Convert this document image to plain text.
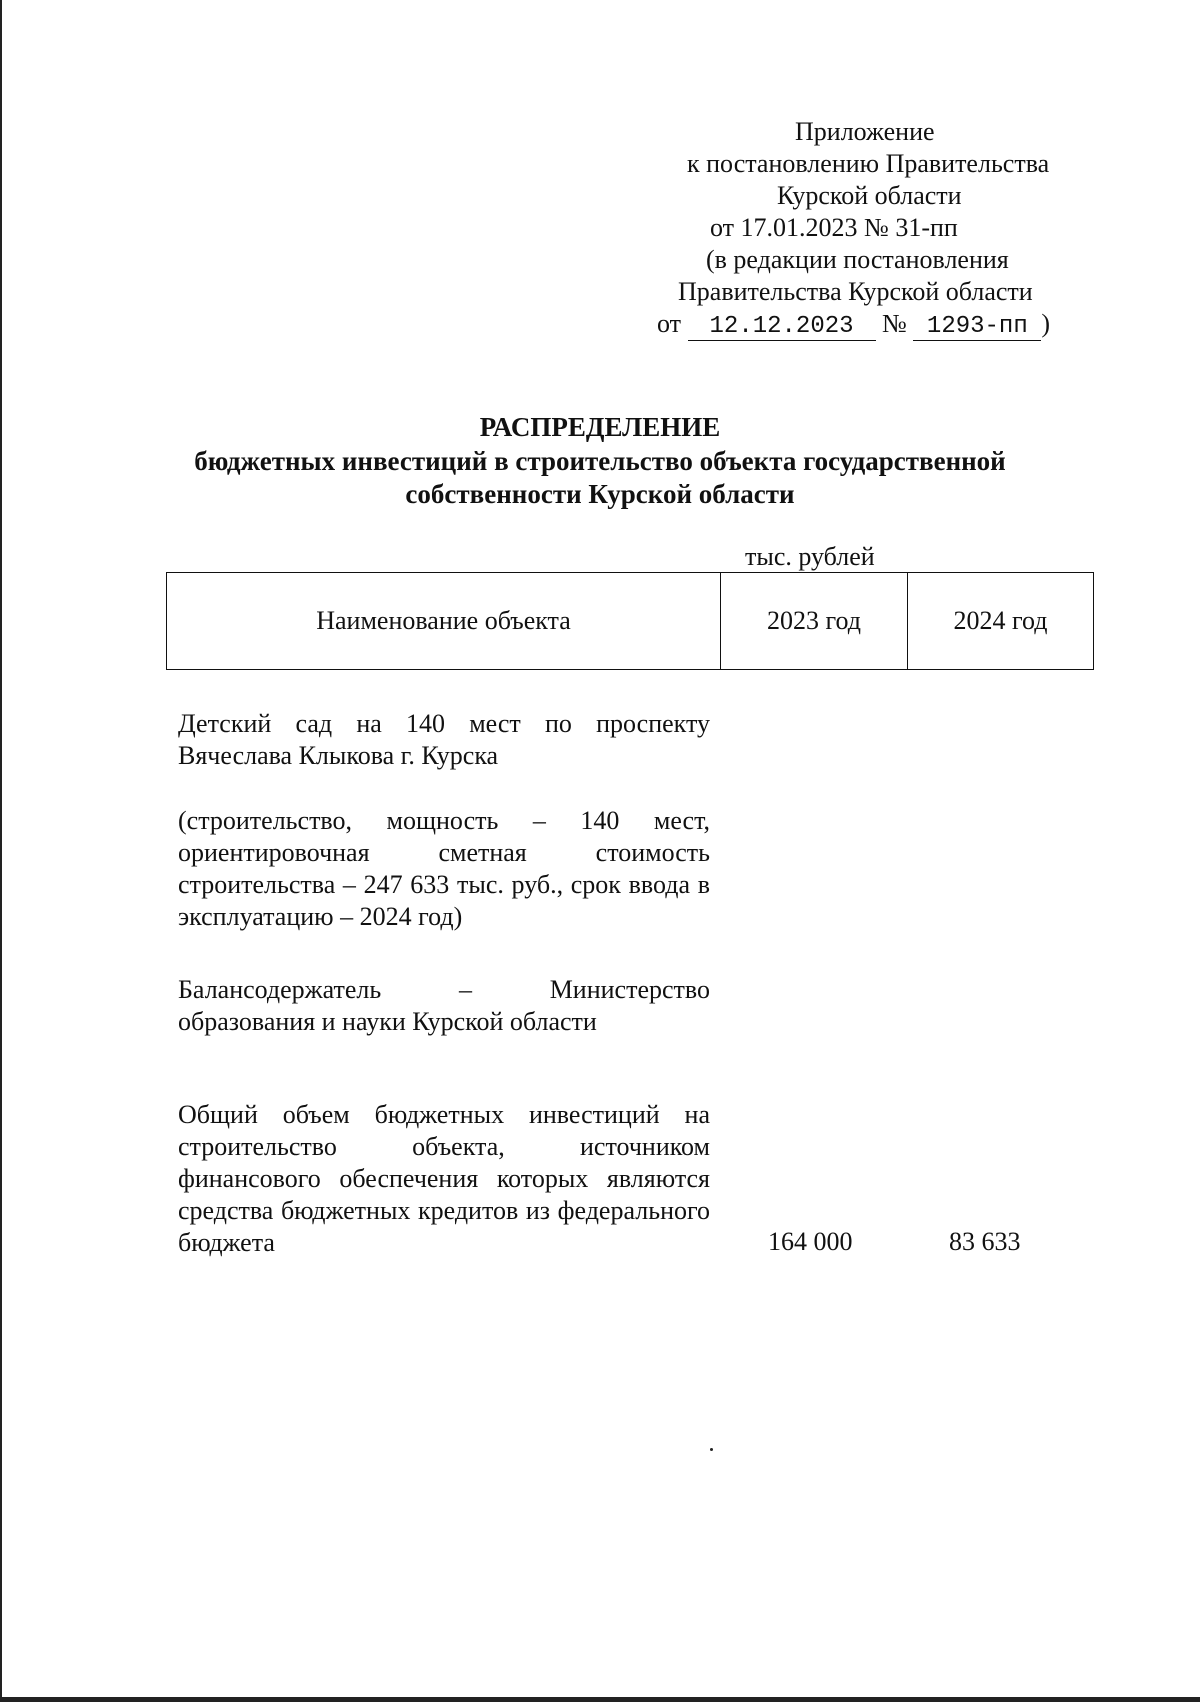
Приложение
к постановлению Правительства
Курской области
от 17.01.2023 № 31-пп
(в редакции постановления
Правительства Курской области
от 12.12.2023 № 1293-пп )
РАСПРЕДЕЛЕНИЕ
бюджетных инвестиций в строительство объекта государственной
собственности Курской области
тыс. рублей
Наименование объекта	2023 год	2024 год
Детский сад на 140 мест по проспекту Вячеслава Клыкова г. Курска
(строительство, мощность – 140 мест, ориентировочная сметная стоимость строительства – 247 633 тыс. руб., срок ввода в эксплуатацию – 2024 год)
Балансодержатель – Министерство образования и науки Курской области
Общий объем бюджетных инвестиций на строительство объекта, источником финансового обеспечения которых являются средства бюджетных кредитов из федерального бюджета	164 000	83 633
